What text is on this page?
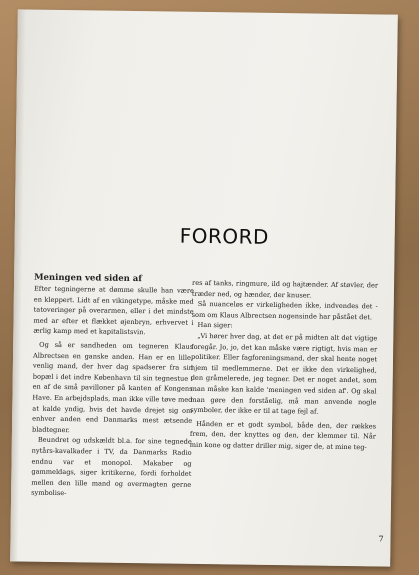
FORORD
Meningen ved siden af

Efter tegningerne at dømme skulle han være en kleppert. Lidt af en vikingetype, måske med tatoveringer på overarmen, eller i det mindste med ar efter et flækket øjenbryn, erhvervet i ærlig kamp med et kapitalistsvin.

Og så er sandheden om tegneren Klaus Albrectsen en ganske anden. Han er en lille, venlig mand, der hver dag spadserer fra sin bopæl i det indre København til sin tegnestue i en af de små pavilloner på kanten af Kongens Have. En arbejdsplads, man ikke ville tøve med at kalde yndig, hvis det havde drejet sig om enhver anden end Danmarks mest ætsende bladtegner.

Beundret og udskældt bl.a. for sine tegnede nytårs-kavalkader i TV, da Danmarks Radio endnu var et monopol. Makaber og gammeldags, siger kritikerne, fordi forholdet mellen den lille mand og overmagten gerne symbolise-

res af tanks, ringmure, ild og hajtænder. Af støvler, der træder ned, og hænder, der knuser.

Så nuanceløs er virkeligheden ikke, indvendes det - som om Klaus Albrectsen nogensinde har påstået det.

Han siger:

„Vi hører hver dag, at det er på midten alt det vigtige foregår. Jo, jo, det kan måske være rigtigt, hvis man er politiker. Eller fagforeningsmand, der skal hente noget hjem til medlemmerne. Det er ikke den virkelighed, den gråmelerede, jeg tegner. Det er noget andet, som man måske kan kalde 'meningen ved siden af'. Og skal man gøre den forståelig, må man anvende nogle symboler, der ikke er til at tage fejl af.

Hånden er et godt symbol, både den, der rækkes frem, den, der knyttes og den, der klemmer til. Når min kone og datter driller mig, siger de, at mine teg-

7
